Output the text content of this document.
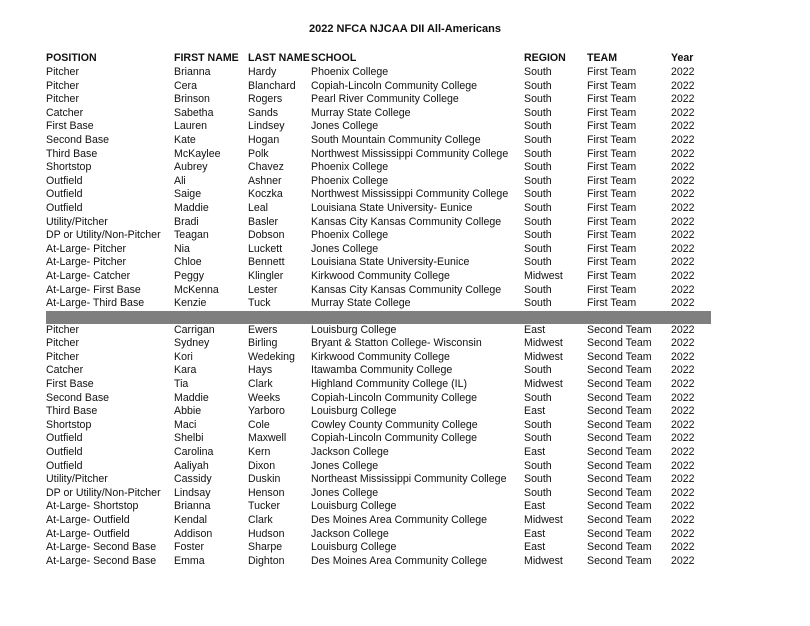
2022 NFCA NJCAA DII All-Americans
POSITION	FIRST NAME	LAST NAME	SCHOOL	REGION	TEAM	Year
Pitcher	Brianna	Hardy	Phoenix College	South	First Team	2022
Pitcher	Cera	Blanchard	Copiah-Lincoln Community College	South	First Team	2022
Pitcher	Brinson	Rogers	Pearl River Community College	South	First Team	2022
Catcher	Sabetha	Sands	Murray State College	South	First Team	2022
First Base	Lauren	Lindsey	Jones College	South	First Team	2022
Second Base	Kate	Hogan	South Mountain Community College	South	First Team	2022
Third Base	McKaylee	Polk	Northwest Mississippi Community College	South	First Team	2022
Shortstop	Aubrey	Chavez	Phoenix College	South	First Team	2022
Outfield	Ali	Ashner	Phoenix College	South	First Team	2022
Outfield	Saige	Koczka	Northwest Mississippi Community College	South	First Team	2022
Outfield	Maddie	Leal	Louisiana State University- Eunice	South	First Team	2022
Utility/Pitcher	Bradi	Basler	Kansas City Kansas Community College	South	First Team	2022
DP or Utility/Non-Pitcher	Teagan	Dobson	Phoenix College	South	First Team	2022
At-Large- Pitcher	Nia	Luckett	Jones College	South	First Team	2022
At-Large- Pitcher	Chloe	Bennett	Louisiana State University-Eunice	South	First Team	2022
At-Large- Catcher	Peggy	Klingler	Kirkwood Community College	Midwest	First Team	2022
At-Large- First Base	McKenna	Lester	Kansas City Kansas Community College	South	First Team	2022
At-Large- Third Base	Kenzie	Tuck	Murray State College	South	First Team	2022

Pitcher	Carrigan	Ewers	Louisburg College	East	Second Team	2022
Pitcher	Sydney	Birling	Bryant & Statton College- Wisconsin	Midwest	Second Team	2022
Pitcher	Kori	Wedeking	Kirkwood Community College	Midwest	Second Team	2022
Catcher	Kara	Hays	Itawamba Community College	South	Second Team	2022
First Base	Tia	Clark	Highland Community College (IL)	Midwest	Second Team	2022
Second Base	Maddie	Weeks	Copiah-Lincoln Community College	South	Second Team	2022
Third Base	Abbie	Yarboro	Louisburg College	East	Second Team	2022
Shortstop	Maci	Cole	Cowley County Community College	South	Second Team	2022
Outfield	Shelbi	Maxwell	Copiah-Lincoln Community College	South	Second Team	2022
Outfield	Carolina	Kern	Jackson College	East	Second Team	2022
Outfield	Aaliyah	Dixon	Jones College	South	Second Team	2022
Utility/Pitcher	Cassidy	Duskin	Northeast Mississippi Community College	South	Second Team	2022
DP or Utility/Non-Pitcher	Lindsay	Henson	Jones College	South	Second Team	2022
At-Large- Shortstop	Brianna	Tucker	Louisburg College	East	Second Team	2022
At-Large- Outfield	Kendal	Clark	Des Moines Area Community College	Midwest	Second Team	2022
At-Large- Outfield	Addison	Hudson	Jackson College	East	Second Team	2022
At-Large- Second Base	Foster	Sharpe	Louisburg College	East	Second Team	2022
At-Large- Second Base	Emma	Dighton	Des Moines Area Community College	Midwest	Second Team	2022
